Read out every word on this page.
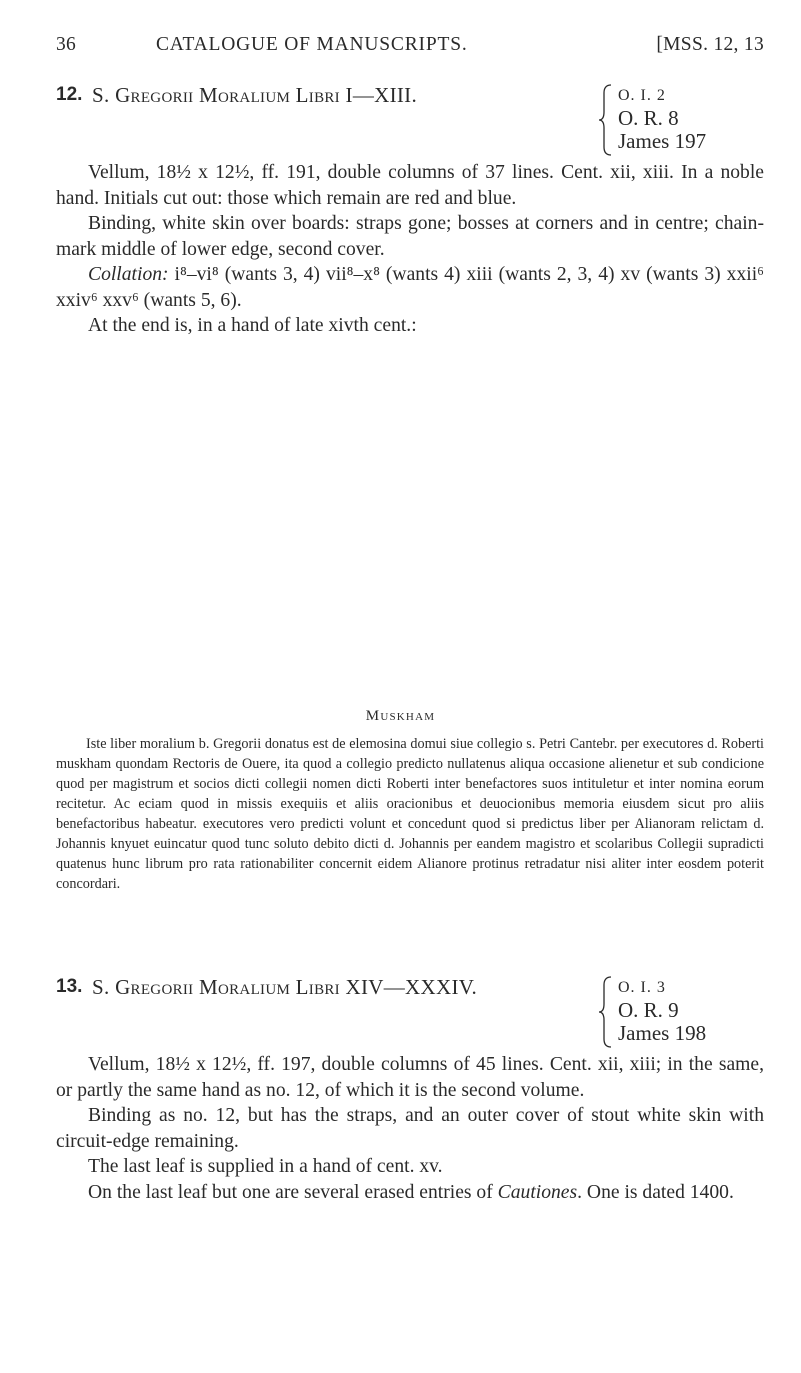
36	CATALOGUE OF MANUSCRIPTS.	[MSS. 12, 13
12. S. Gregorii Moralium Libri I—XIII.	O. I. 2
O. R. 8
James 197

Vellum, 18½ x 12½, ff. 191, double columns of 37 lines. Cent. xii, xiii. In a noble hand. Initials cut out: those which remain are red and blue.

Binding, white skin over boards: straps gone; bosses at corners and in centre; chain-mark middle of lower edge, second cover.

Collation: i⁸–vi⁸ (wants 3, 4) vii⁸–x⁸ (wants 4) xiii (wants 2, 3, 4) xv (wants 3) xxii⁶ xxiv⁶ xxv⁶ (wants 5, 6).

At the end is, in a hand of late xivth cent.:

Muskham
Iste liber moralium b. Gregorii donatus est de elemosina domui siue collegio s. Petri Cantebr. per executores d. Roberti muskham quondam Rectoris de Ouere, ita quod a collegio predicto nullatenus aliqua occasione alienetur et sub condicione quod per magistrum et socios dicti collegii nomen dicti Roberti inter benefactores suos intituletur et inter nomina eorum recitetur. Ac eciam quod in missis exequiis et aliis oracionibus et deuocionibus memoria eiusdem sicut pro aliis benefactoribus habeatur. executores vero predicti volunt et concedunt quod si predictus liber per Alianoram relictam d. Johannis knyuet euincatur quod tunc soluto debito dicti d. Johannis per eandem magistro et scolaribus Collegii supradicti quatenus hunc librum pro rata rationabiliter concernit eidem Alianore protinus retradatur nisi aliter inter eosdem poterit concordari.
13. S. Gregorii Moralium Libri XIV—XXXIV.	O. I. 3
O. R. 9
James 198

Vellum, 18½ x 12½, ff. 197, double columns of 45 lines. Cent. xii, xiii; in the same, or partly the same hand as no. 12, of which it is the second volume.

Binding as no. 12, but has the straps, and an outer cover of stout white skin with circuit-edge remaining.

The last leaf is supplied in a hand of cent. xv.

On the last leaf but one are several erased entries of Cautiones. One is dated 1400.
